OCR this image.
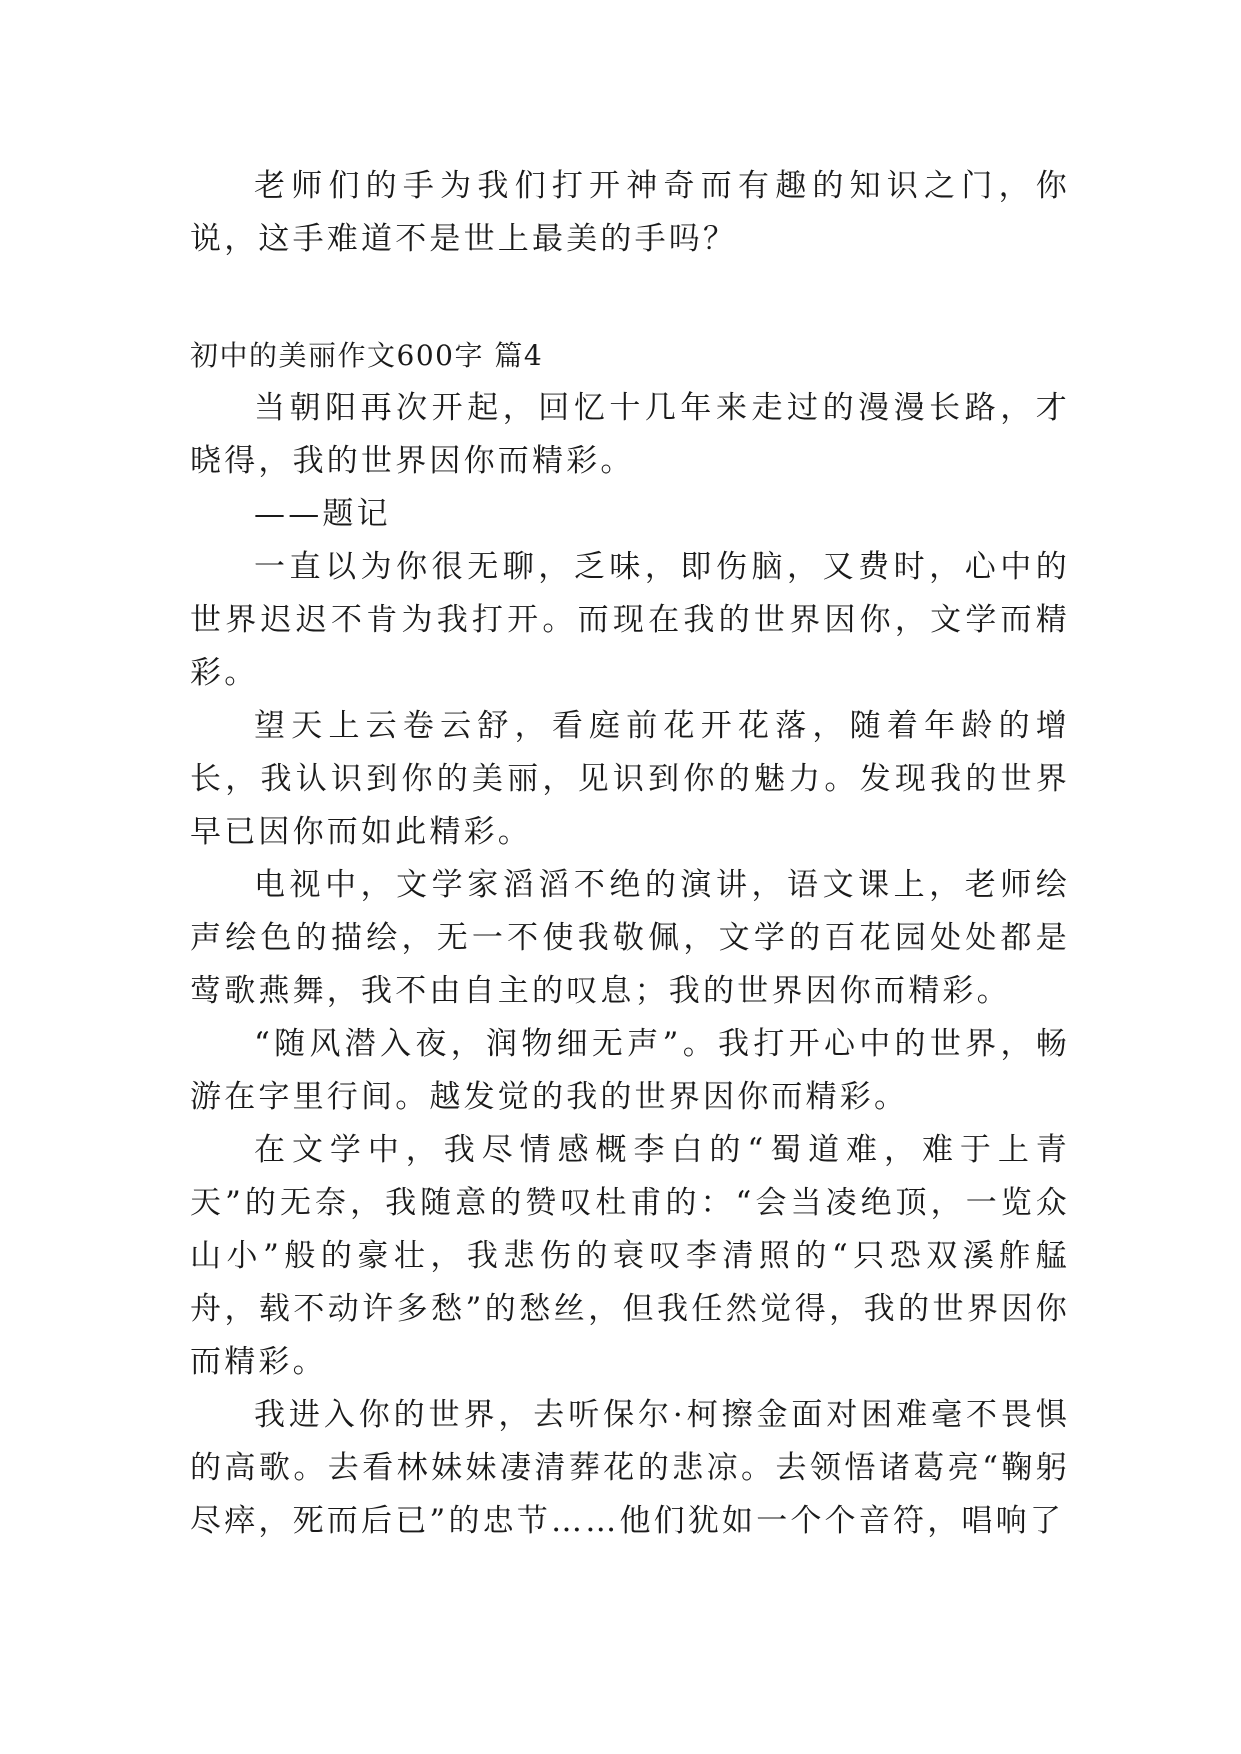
老师们的手为我们打开神奇而有趣的知识之门，你说，这手难道不是世上最美的手吗？

初中的美丽作文600字 篇4

当朝阳再次开起，回忆十几年来走过的漫漫长路，才晓得，我的世界因你而精彩。

——题记

一直以为你很无聊，乏味，即伤脑，又费时，心中的世界迟迟不肯为我打开。而现在我的世界因你，文学而精彩。

望天上云卷云舒，看庭前花开花落，随着年龄的增长，我认识到你的美丽，见识到你的魅力。发现我的世界早已因你而如此精彩。

电视中，文学家滔滔不绝的演讲，语文课上，老师绘声绘色的描绘，无一不使我敬佩，文学的百花园处处都是莺歌燕舞，我不由自主的叹息；我的世界因你而精彩。

“随风潜入夜，润物细无声”。我打开心中的世界，畅游在字里行间。越发觉的我的世界因你而精彩。

在文学中，我尽情感概李白的“蜀道难，难于上青天”的无奈，我随意的赞叹杜甫的：“会当凌绝顶，一览众山小”般的豪壮，我悲伤的衰叹李清照的“只恐双溪舴艋舟，载不动许多愁”的愁丝，但我任然觉得，我的世界因你而精彩。

我进入你的世界，去听保尔·柯擦金面对困难毫不畏惧的高歌。去看林妹妹凄清葬花的悲凉。去领悟诸葛亮“鞠躬尽瘁，死而后已”的忠节……他们犹如一个个音符，唱响了
